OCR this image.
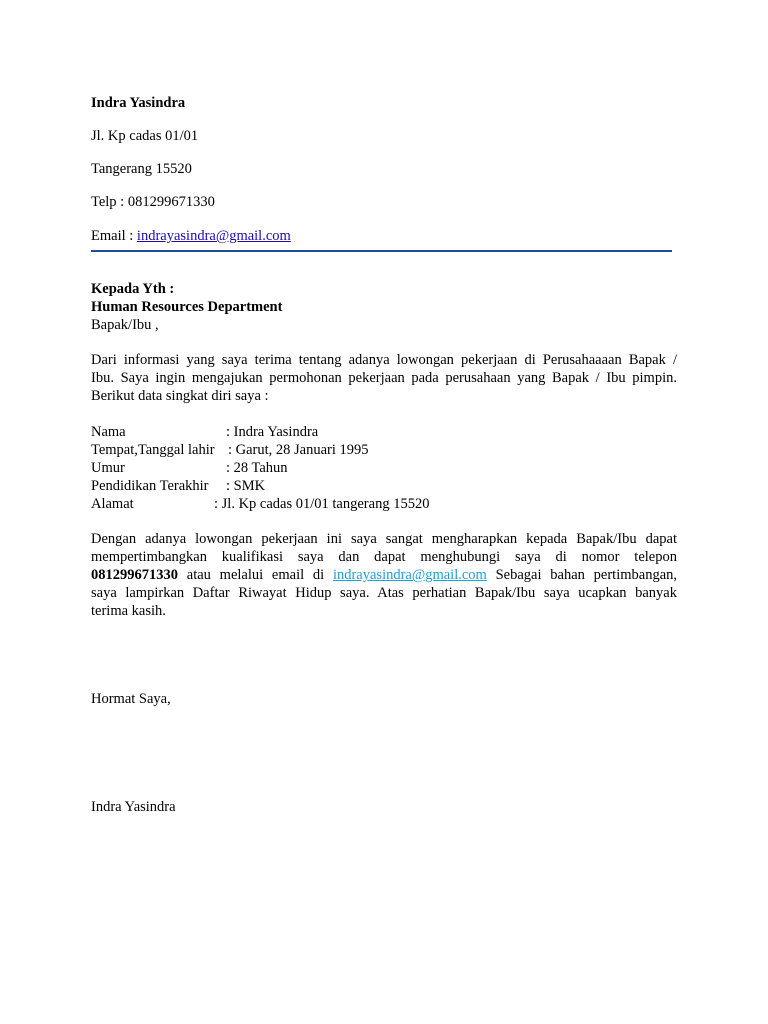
Indra Yasindra
Jl. Kp cadas 01/01
Tangerang 15520
Telp : 081299671330
Email : indrayasindra@gmail.com
Kepada Yth :
Human Resources Department
Bapak/Ibu ,
Dari informasi yang saya terima tentang adanya lowongan pekerjaan di Perusahaaaan Bapak /
Ibu. Saya ingin mengajukan permohonan pekerjaan pada perusahaan yang Bapak / Ibu pimpin.
Berikut data singkat diri saya :
Nama	: Indra Yasindra
Tempat,Tanggal lahir : Garut, 28 Januari 1995
Umur	: 28 Tahun
Pendidikan Terakhir : SMK
Alamat	: Jl. Kp cadas 01/01 tangerang 15520
Dengan adanya lowongan pekerjaan ini saya sangat mengharapkan kepada Bapak/Ibu dapat
mempertimbangkan kualifikasi saya dan dapat menghubungi saya di nomor telepon
081299671330 atau melalui email di indrayasindra@gmail.com Sebagai bahan pertimbangan,
saya lampirkan Daftar Riwayat Hidup saya. Atas perhatian Bapak/Ibu saya ucapkan banyak
terima kasih.
Hormat Saya,
Indra Yasindra
